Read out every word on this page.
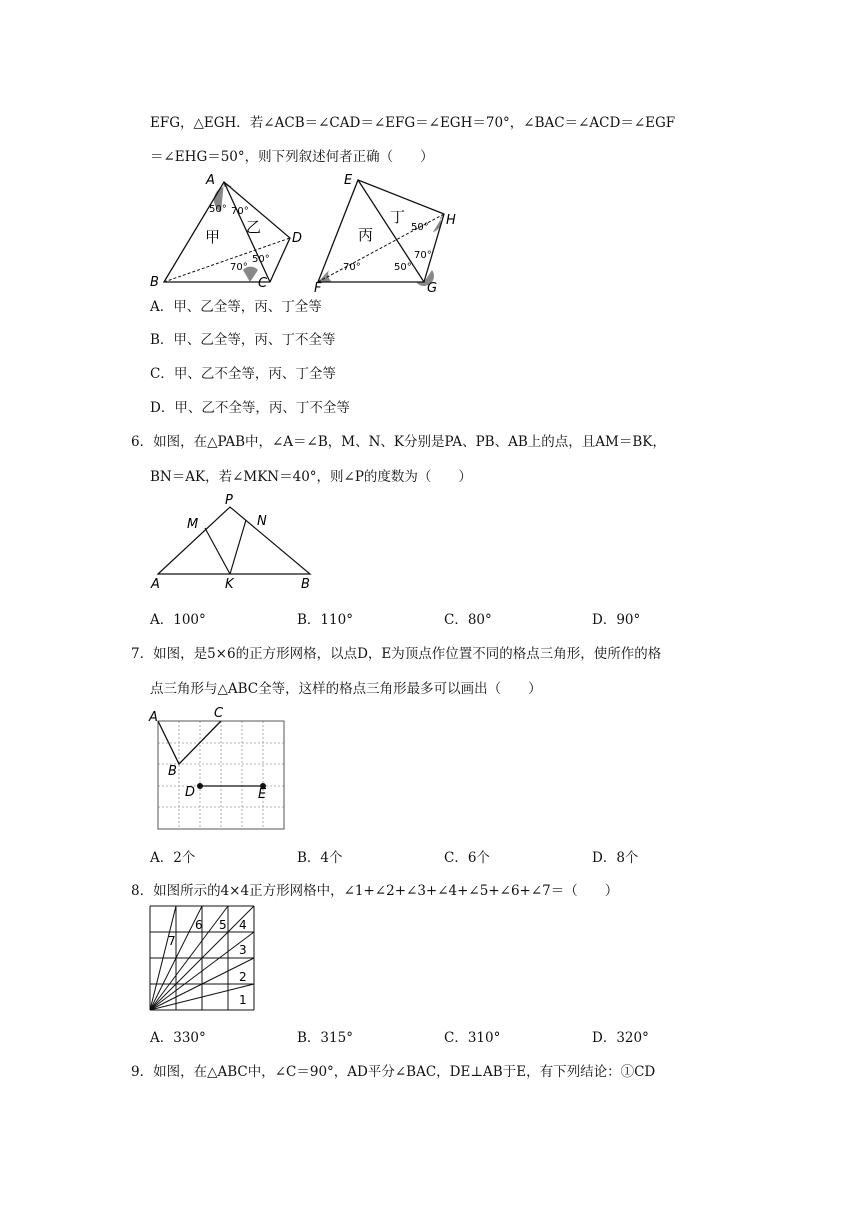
EFG，△EGH．若∠ACB＝∠CAD＝∠EFG＝∠EGH＝70°，∠BAC＝∠ACD＝∠EGF
＝∠EHG＝50°，则下列叙述何者正确（　　）
A
B	C
D
50° 70°
70°
50°
甲
乙
E
F	G
H
70°	50°
70°
50°
丙
丁
A．甲、乙全等，丙、丁全等
B．甲、乙全等，丙、丁不全等
C．甲、乙不全等，丙、丁全等
D．甲、乙不全等，丙、丁不全等
6．如图，在△PAB中，∠A＝∠B，M、N、K分别是PA、PB、AB上的点，且AM＝BK，
BN＝AK，若∠MKN＝40°，则∠P的度数为（　　）
P
M	N
A	K	B
A．100°	B．110°	C．80°	D．90°
7．如图，是5×6的正方形网格，以点D，E为顶点作位置不同的格点三角形，使所作的格
点三角形与△ABC全等，这样的格点三角形最多可以画出（　　）
A
B
C
D	E
A．2个	B．4个	C．6个	D．8个
8．如图所示的4×4正方形网格中，∠1+∠2+∠3+∠4+∠5+∠6+∠7＝（　　）
1
2
3
4
5
6
7
A．330°	B．315°	C．310°	D．320°
9．如图，在△ABC中，∠C＝90°，AD平分∠BAC，DE⊥AB于E，有下列结论：①CD
